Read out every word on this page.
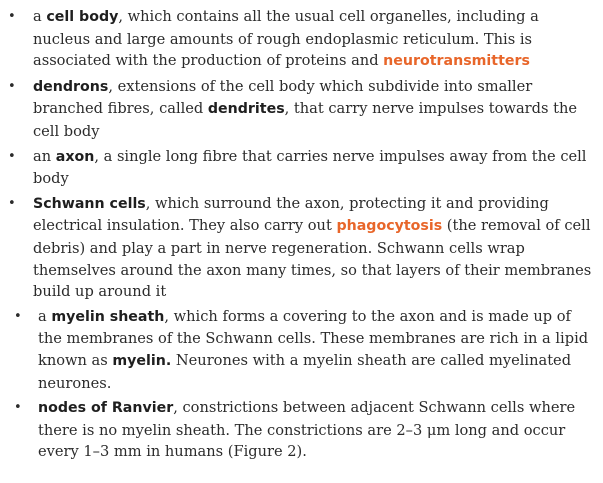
• a cell body, which contains all the usual cell organelles, including a nucleus and large amounts of rough endoplasmic reticulum. This is associated with the production of proteins and neurotransmitters
• dendrons, extensions of the cell body which subdivide into smaller branched fibres, called dendrites, that carry nerve impulses towards the cell body
• an axon, a single long fibre that carries nerve impulses away from the cell body
• Schwann cells, which surround the axon, protecting it and providing electrical insulation. They also carry out phagocytosis (the removal of cell debris) and play a part in nerve regeneration. Schwann cells wrap themselves around the axon many times, so that layers of their membranes build up around it
• a myelin sheath, which forms a covering to the axon and is made up of the membranes of the Schwann cells. These membranes are rich in a lipid known as myelin. Neurones with a myelin sheath are called myelinated neurones.
• nodes of Ranvier, constrictions between adjacent Schwann cells where there is no myelin sheath. The constrictions are 2–3 μm long and occur every 1–3 mm in humans (Figure 2).
